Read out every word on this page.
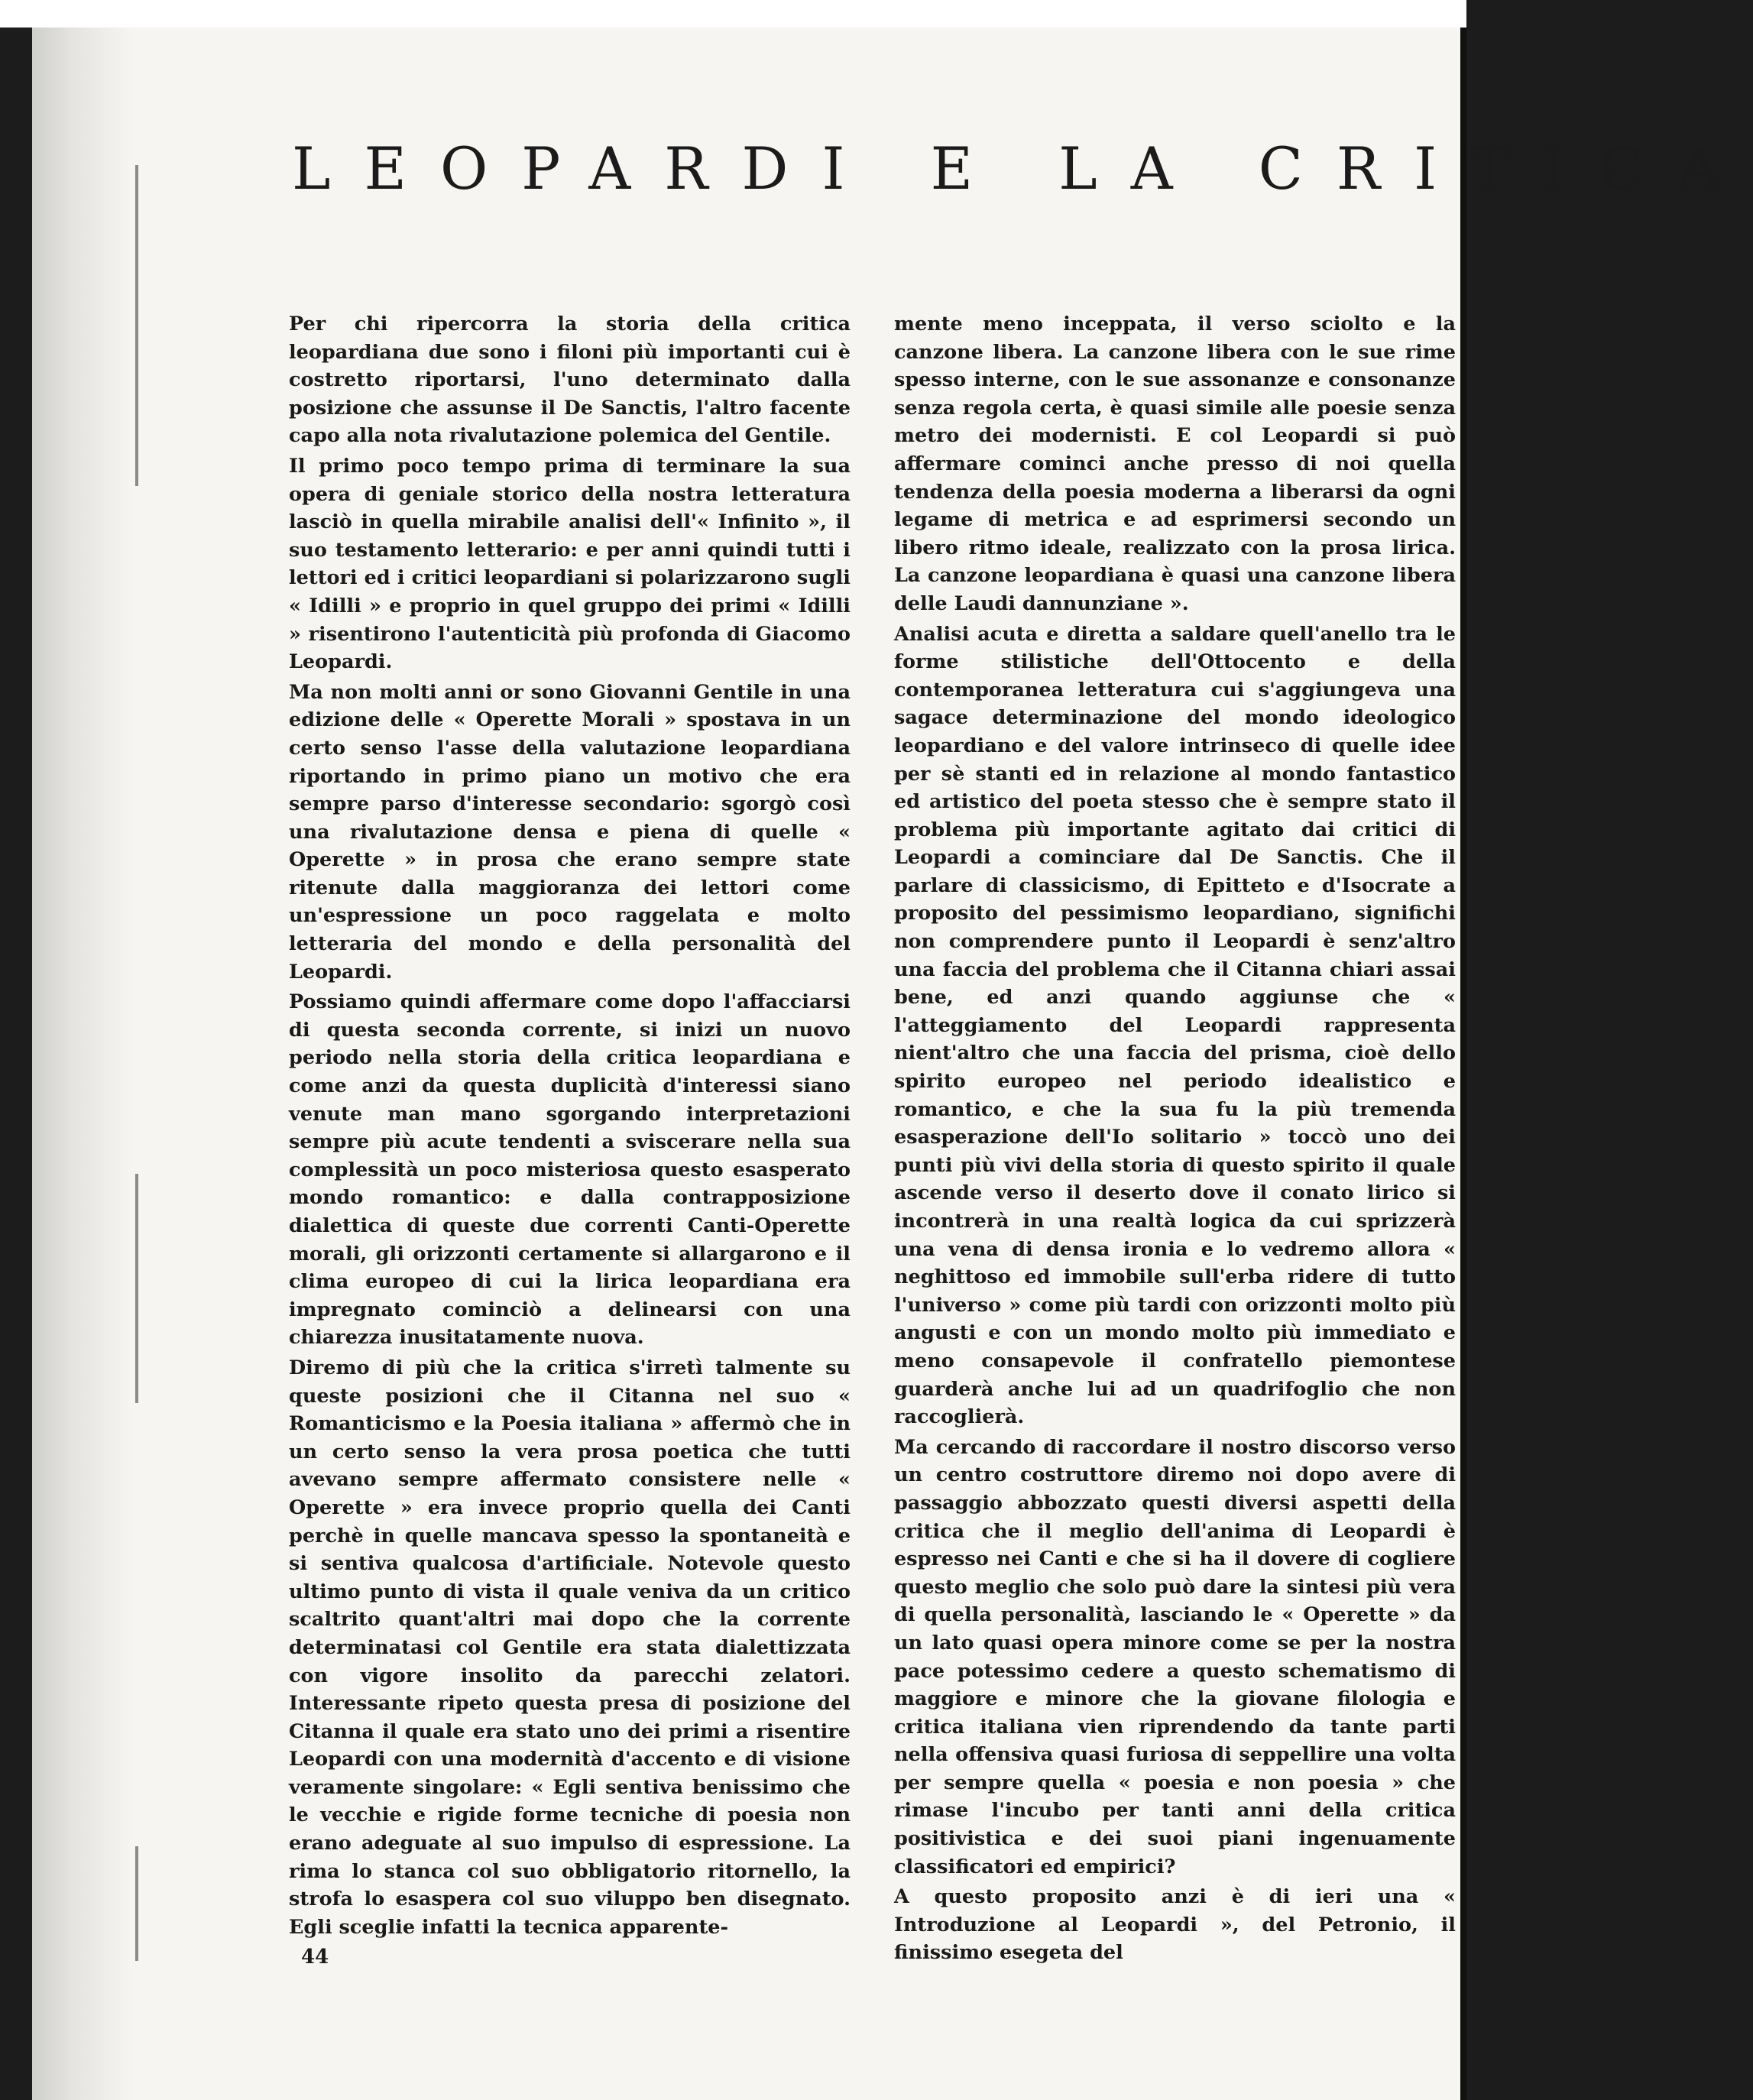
LEOPARDI E LA CRITICA

Per chi ripercorra la storia della critica leopardiana due sono i filoni più importanti cui è costretto riportarsi, l'uno determinato dalla posizione che assunse il De Sanctis, l'altro facente capo alla nota rivalutazione polemica del Gentile.

Il primo poco tempo prima di terminare la sua opera di geniale storico della nostra letteratura lasciò in quella mirabile analisi dell'« Infinito », il suo testamento letterario: e per anni quindi tutti i lettori ed i critici leopardiani si polarizzarono sugli « Idilli » e proprio in quel gruppo dei primi « Idilli » risentirono l'autenticità più profonda di Giacomo Leopardi.

Ma non molti anni or sono Giovanni Gentile in una edizione delle « Operette Morali » spostava in un certo senso l'asse della valutazione leopardiana riportando in primo piano un motivo che era sempre parso d'interesse secondario: sgorgò così una rivalutazione densa e piena di quelle « Operette » in prosa che erano sempre state ritenute dalla maggioranza dei lettori come un'espressione un poco raggelata e molto letteraria del mondo e della personalità del Leopardi.

Possiamo quindi affermare come dopo l'affacciarsi di questa seconda corrente, si inizi un nuovo periodo nella storia della critica leopardiana e come anzi da questa duplicità d'interessi siano venute man mano sgorgando interpretazioni sempre più acute tendenti a sviscerare nella sua complessità un poco misteriosa questo esasperato mondo romantico: e dalla contrapposizione dialettica di queste due correnti Canti-Operette morali, gli orizzonti certamente si allargarono e il clima europeo di cui la lirica leopardiana era impregnato cominciò a delinearsi con una chiarezza inusitatamente nuova.

Diremo di più che la critica s'irretì talmente su queste posizioni che il Citanna nel suo « Romanticismo e la Poesia italiana » affermò che in un certo senso la vera prosa poetica che tutti avevano sempre affermato consistere nelle « Operette » era invece proprio quella dei Canti perchè in quelle mancava spesso la spontaneità e si sentiva qualcosa d'artificiale. Notevole questo ultimo punto di vista il quale veniva da un critico scaltrito quant'altri mai dopo che la corrente determinatasi col Gentile era stata dialettizzata con vigore insolito da parecchi zelatori. Interessante ripeto questa presa di posizione del Citanna il quale era stato uno dei primi a risentire Leopardi con una modernità d'accento e di visione veramente singolare: « Egli sentiva benissimo che le vecchie e rigide forme tecniche di poesia non erano adeguate al suo impulso di espressione. La rima lo stanca col suo obbligatorio ritornello, la strofa lo esaspera col suo viluppo ben disegnato. Egli sceglie infatti la tecnica apparente-

mente meno inceppata, il verso sciolto e la canzone libera. La canzone libera con le sue rime spesso interne, con le sue assonanze e consonanze senza regola certa, è quasi simile alle poesie senza metro dei modernisti. E col Leopardi si può affermare cominci anche presso di noi quella tendenza della poesia moderna a liberarsi da ogni legame di metrica e ad esprimersi secondo un libero ritmo ideale, realizzato con la prosa lirica. La canzone leopardiana è quasi una canzone libera delle Laudi dannunziane ».

Analisi acuta e diretta a saldare quell'anello tra le forme stilistiche dell'Ottocento e della contemporanea letteratura cui s'aggiungeva una sagace determinazione del mondo ideologico leopardiano e del valore intrinseco di quelle idee per sè stanti ed in relazione al mondo fantastico ed artistico del poeta stesso che è sempre stato il problema più importante agitato dai critici di Leopardi a cominciare dal De Sanctis. Che il parlare di classicismo, di Epitteto e d'Isocrate a proposito del pessimismo leopardiano, significhi non comprendere punto il Leopardi è senz'altro una faccia del problema che il Citanna chiari assai bene, ed anzi quando aggiunse che « l'atteggiamento del Leopardi rappresenta nient'altro che una faccia del prisma, cioè dello spirito europeo nel periodo idealistico e romantico, e che la sua fu la più tremenda esasperazione dell'Io solitario » toccò uno dei punti più vivi della storia di questo spirito il quale ascende verso il deserto dove il conato lirico si incontrerà in una realtà logica da cui sprizzerà una vena di densa ironia e lo vedremo allora « neghittoso ed immobile sull'erba ridere di tutto l'universo » come più tardi con orizzonti molto più angusti e con un mondo molto più immediato e meno consapevole il confratello piemontese guarderà anche lui ad un quadrifoglio che non raccoglierà.

Ma cercando di raccordare il nostro discorso verso un centro costruttore diremo noi dopo avere di passaggio abbozzato questi diversi aspetti della critica che il meglio dell'anima di Leopardi è espresso nei Canti e che si ha il dovere di cogliere questo meglio che solo può dare la sintesi più vera di quella personalità, lasciando le « Operette » da un lato quasi opera minore come se per la nostra pace potessimo cedere a questo schematismo di maggiore e minore che la giovane filologia e critica italiana vien riprendendo da tante parti nella offensiva quasi furiosa di seppellire una volta per sempre quella « poesia e non poesia » che rimase l'incubo per tanti anni della critica positivistica e dei suoi piani ingenuamente classificatori ed empirici?

A questo proposito anzi è di ieri una « Introduzione al Leopardi », del Petronio, il finissimo esegeta del

44
